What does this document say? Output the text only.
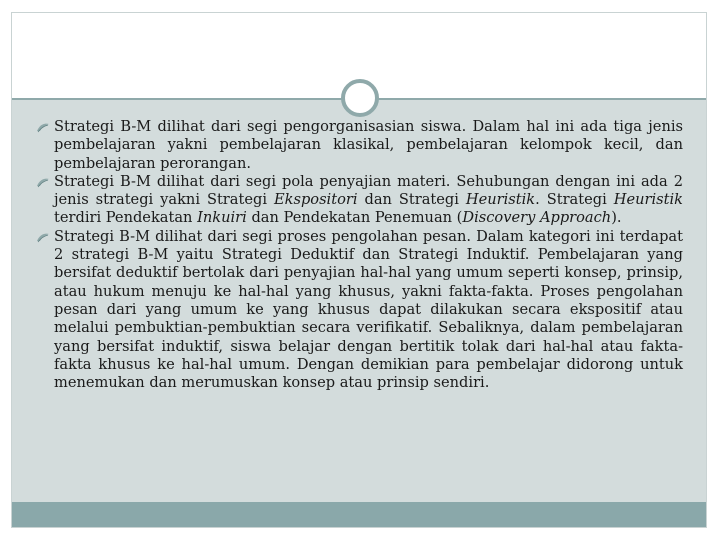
Strategi B-M dilihat dari segi pengorganisasian siswa. Dalam hal ini ada tiga jenis pembelajaran yakni pembelajaran klasikal, pembelajaran kelompok kecil, dan pembelajaran perorangan.
Strategi B-M dilihat dari segi pola penyajian materi. Sehubungan dengan ini ada 2 jenis strategi yakni Strategi Ekspositori dan Strategi Heuristik. Strategi Heuristik terdiri Pendekatan Inkuiri dan Pendekatan Penemuan (Discovery Approach).
Strategi B-M dilihat dari segi proses pengolahan pesan. Dalam kategori ini terdapat 2 strategi B-M yaitu Strategi Deduktif dan Strategi Induktif. Pembelajaran yang bersifat deduktif bertolak dari penyajian hal-hal yang umum seperti konsep, prinsip, atau hukum menuju ke hal-hal yang khusus, yakni fakta-fakta. Proses pengolahan pesan dari yang umum ke yang khusus dapat dilakukan secara ekspositif atau melalui pembuktian-pembuktian secara verifikatif. Sebaliknya, dalam pembelajaran yang bersifat induktif, siswa belajar dengan bertitik tolak dari hal-hal atau fakta-fakta khusus ke hal-hal umum. Dengan demikian para pembelajar didorong untuk menemukan dan merumuskan konsep atau prinsip sendiri.
